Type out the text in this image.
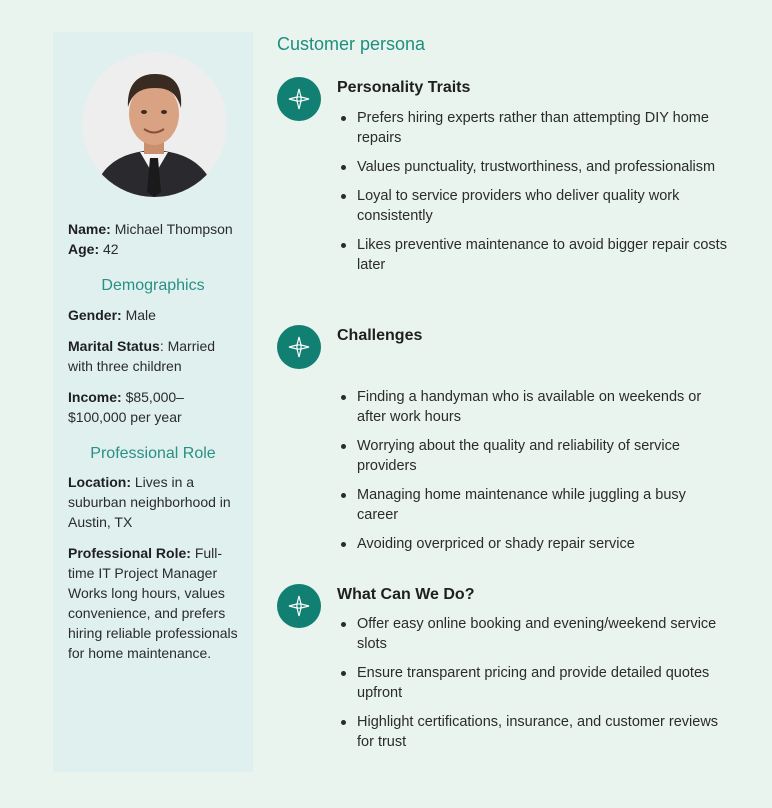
Name: Michael Thompson
Age: 42
Demographics
Gender: Male
Marital Status: Married with three children
Income: $85,000–$100,000 per year
Professional Role
Location: Lives in a suburban neighborhood in Austin, TX
Professional Role: Full-time IT Project Manager Works long hours, values convenience, and prefers hiring reliable professionals for home maintenance.
Customer persona
Personality Traits
Prefers hiring experts rather than attempting DIY home repairs
Values punctuality, trustworthiness, and professionalism
Loyal to service providers who deliver quality work consistently
Likes preventive maintenance to avoid bigger repair costs later
Challenges
Finding a handyman who is available on weekends or after work hours
Worrying about the quality and reliability of service providers
Managing home maintenance while juggling a busy career
Avoiding overpriced or shady repair service
What Can We Do?
Offer easy online booking and evening/weekend service slots
Ensure transparent pricing and provide detailed quotes upfront
Highlight certifications, insurance, and customer reviews for trust
